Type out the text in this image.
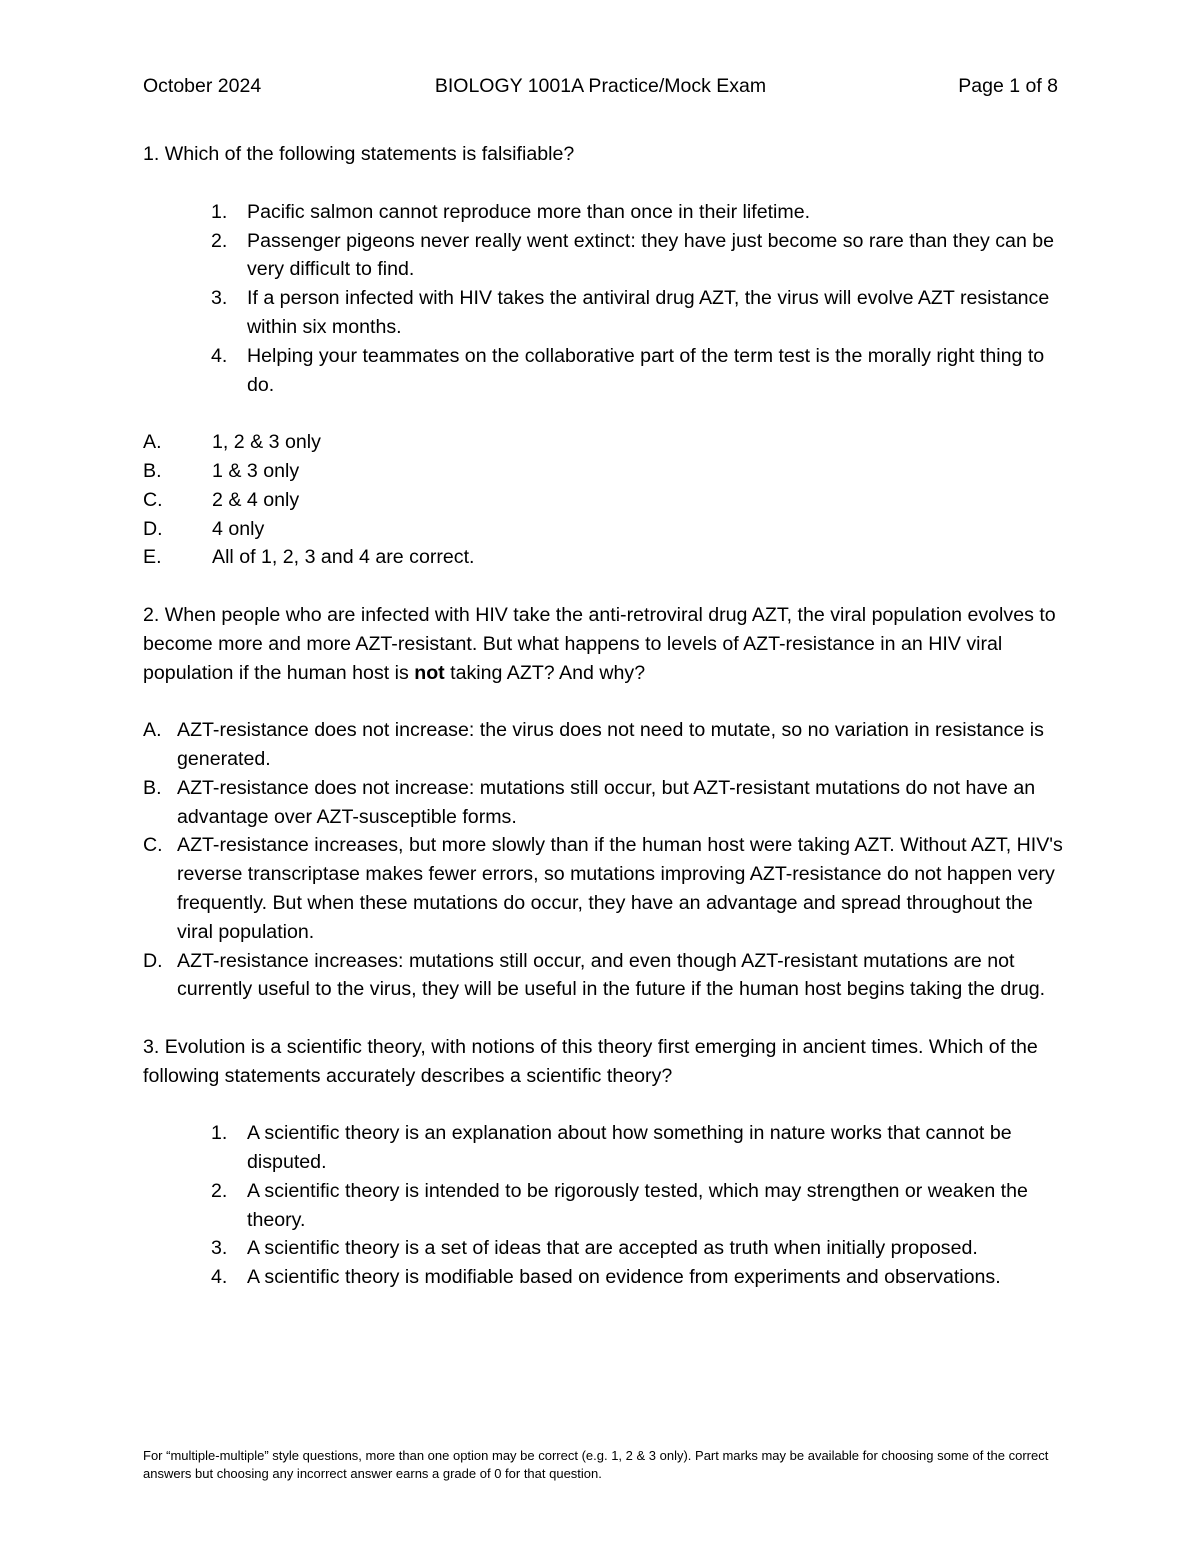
October 2024	BIOLOGY 1001A Practice/Mock Exam	Page 1 of 8

1. Which of the following statements is falsifiable?

1. Pacific salmon cannot reproduce more than once in their lifetime.
2. Passenger pigeons never really went extinct: they have just become so rare than they can be very difficult to find.
3. If a person infected with HIV takes the antiviral drug AZT, the virus will evolve AZT resistance within six months.
4. Helping your teammates on the collaborative part of the term test is the morally right thing to do.
A.	1, 2 & 3 only
B.	1 & 3 only
C.	2 & 4 only
D.	4 only
E.	All of 1, 2, 3 and 4 are correct.

2. When people who are infected with HIV take the anti-retroviral drug AZT, the viral population evolves to become more and more AZT-resistant. But what happens to levels of AZT-resistance in an HIV viral population if the human host is not taking AZT? And why?

A. AZT-resistance does not increase: the virus does not need to mutate, so no variation in resistance is generated.
B. AZT-resistance does not increase: mutations still occur, but AZT-resistant mutations do not have an advantage over AZT-susceptible forms.
C. AZT-resistance increases, but more slowly than if the human host were taking AZT. Without AZT, HIV's reverse transcriptase makes fewer errors, so mutations improving AZT-resistance do not happen very frequently. But when these mutations do occur, they have an advantage and spread throughout the viral population.
D. AZT-resistance increases: mutations still occur, and even though AZT-resistant mutations are not currently useful to the virus, they will be useful in the future if the human host begins taking the drug.

3. Evolution is a scientific theory, with notions of this theory first emerging in ancient times. Which of the following statements accurately describes a scientific theory?

1. A scientific theory is an explanation about how something in nature works that cannot be disputed.
2. A scientific theory is intended to be rigorously tested, which may strengthen or weaken the theory.
3. A scientific theory is a set of ideas that are accepted as truth when initially proposed.
4. A scientific theory is modifiable based on evidence from experiments and observations.
For “multiple-multiple” style questions, more than one option may be correct (e.g. 1, 2 & 3 only). Part marks may be available for choosing some of the correct answers but choosing any incorrect answer earns a grade of 0 for that question.
